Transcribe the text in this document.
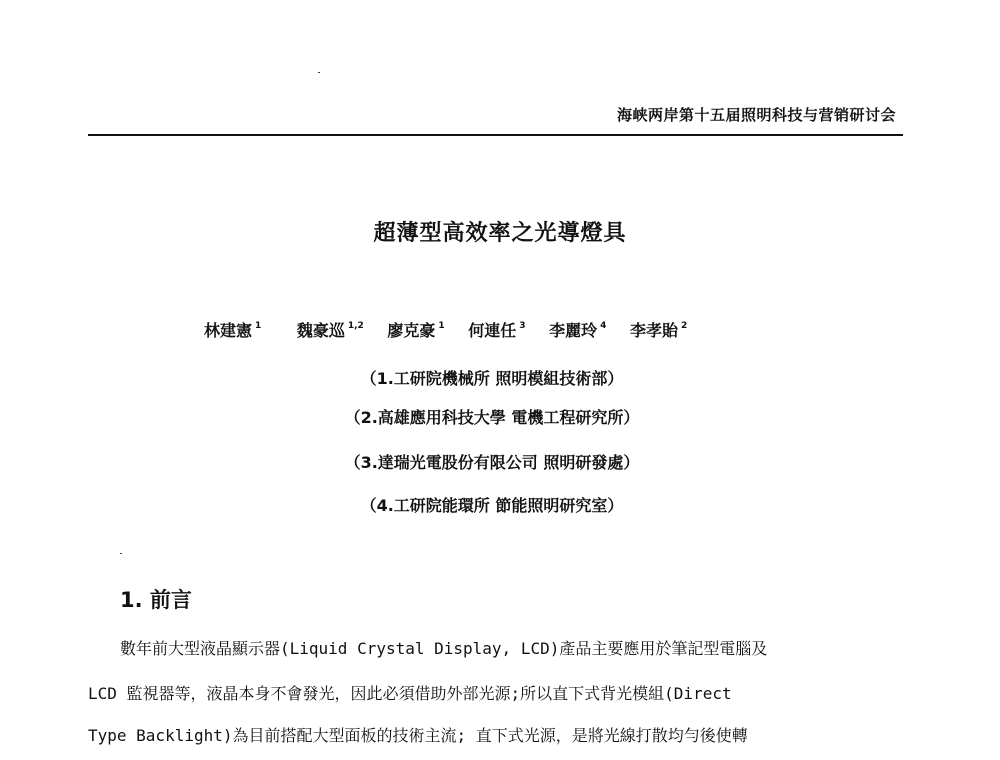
海峡两岸第十五届照明科技与营销研讨会
超薄型高效率之光導燈具
林建憲 $^1$ 魏豪巡 $^{1,2}$ 廖克豪 $^1$ 何連任 $^3$ 李麗玲 $^4$ 李孝貽 $^2$
（1.工研院機械所 照明模組技術部）
（2.高雄應用科技大學 電機工程研究所）
（3.達瑞光電股份有限公司 照明研發處）
（4.工研院能環所 節能照明研究室）
1. 前言
數年前大型液晶顯示器(Liquid Crystal Display, LCD)產品主要應用於筆記型電腦及
LCD 監視器等，液晶本身不會發光，因此必須借助外部光源;所以直下式背光模組(Direct
Type Backlight)為目前搭配大型面板的技術主流; 直下式光源，是將光線打散均勻後使轉
